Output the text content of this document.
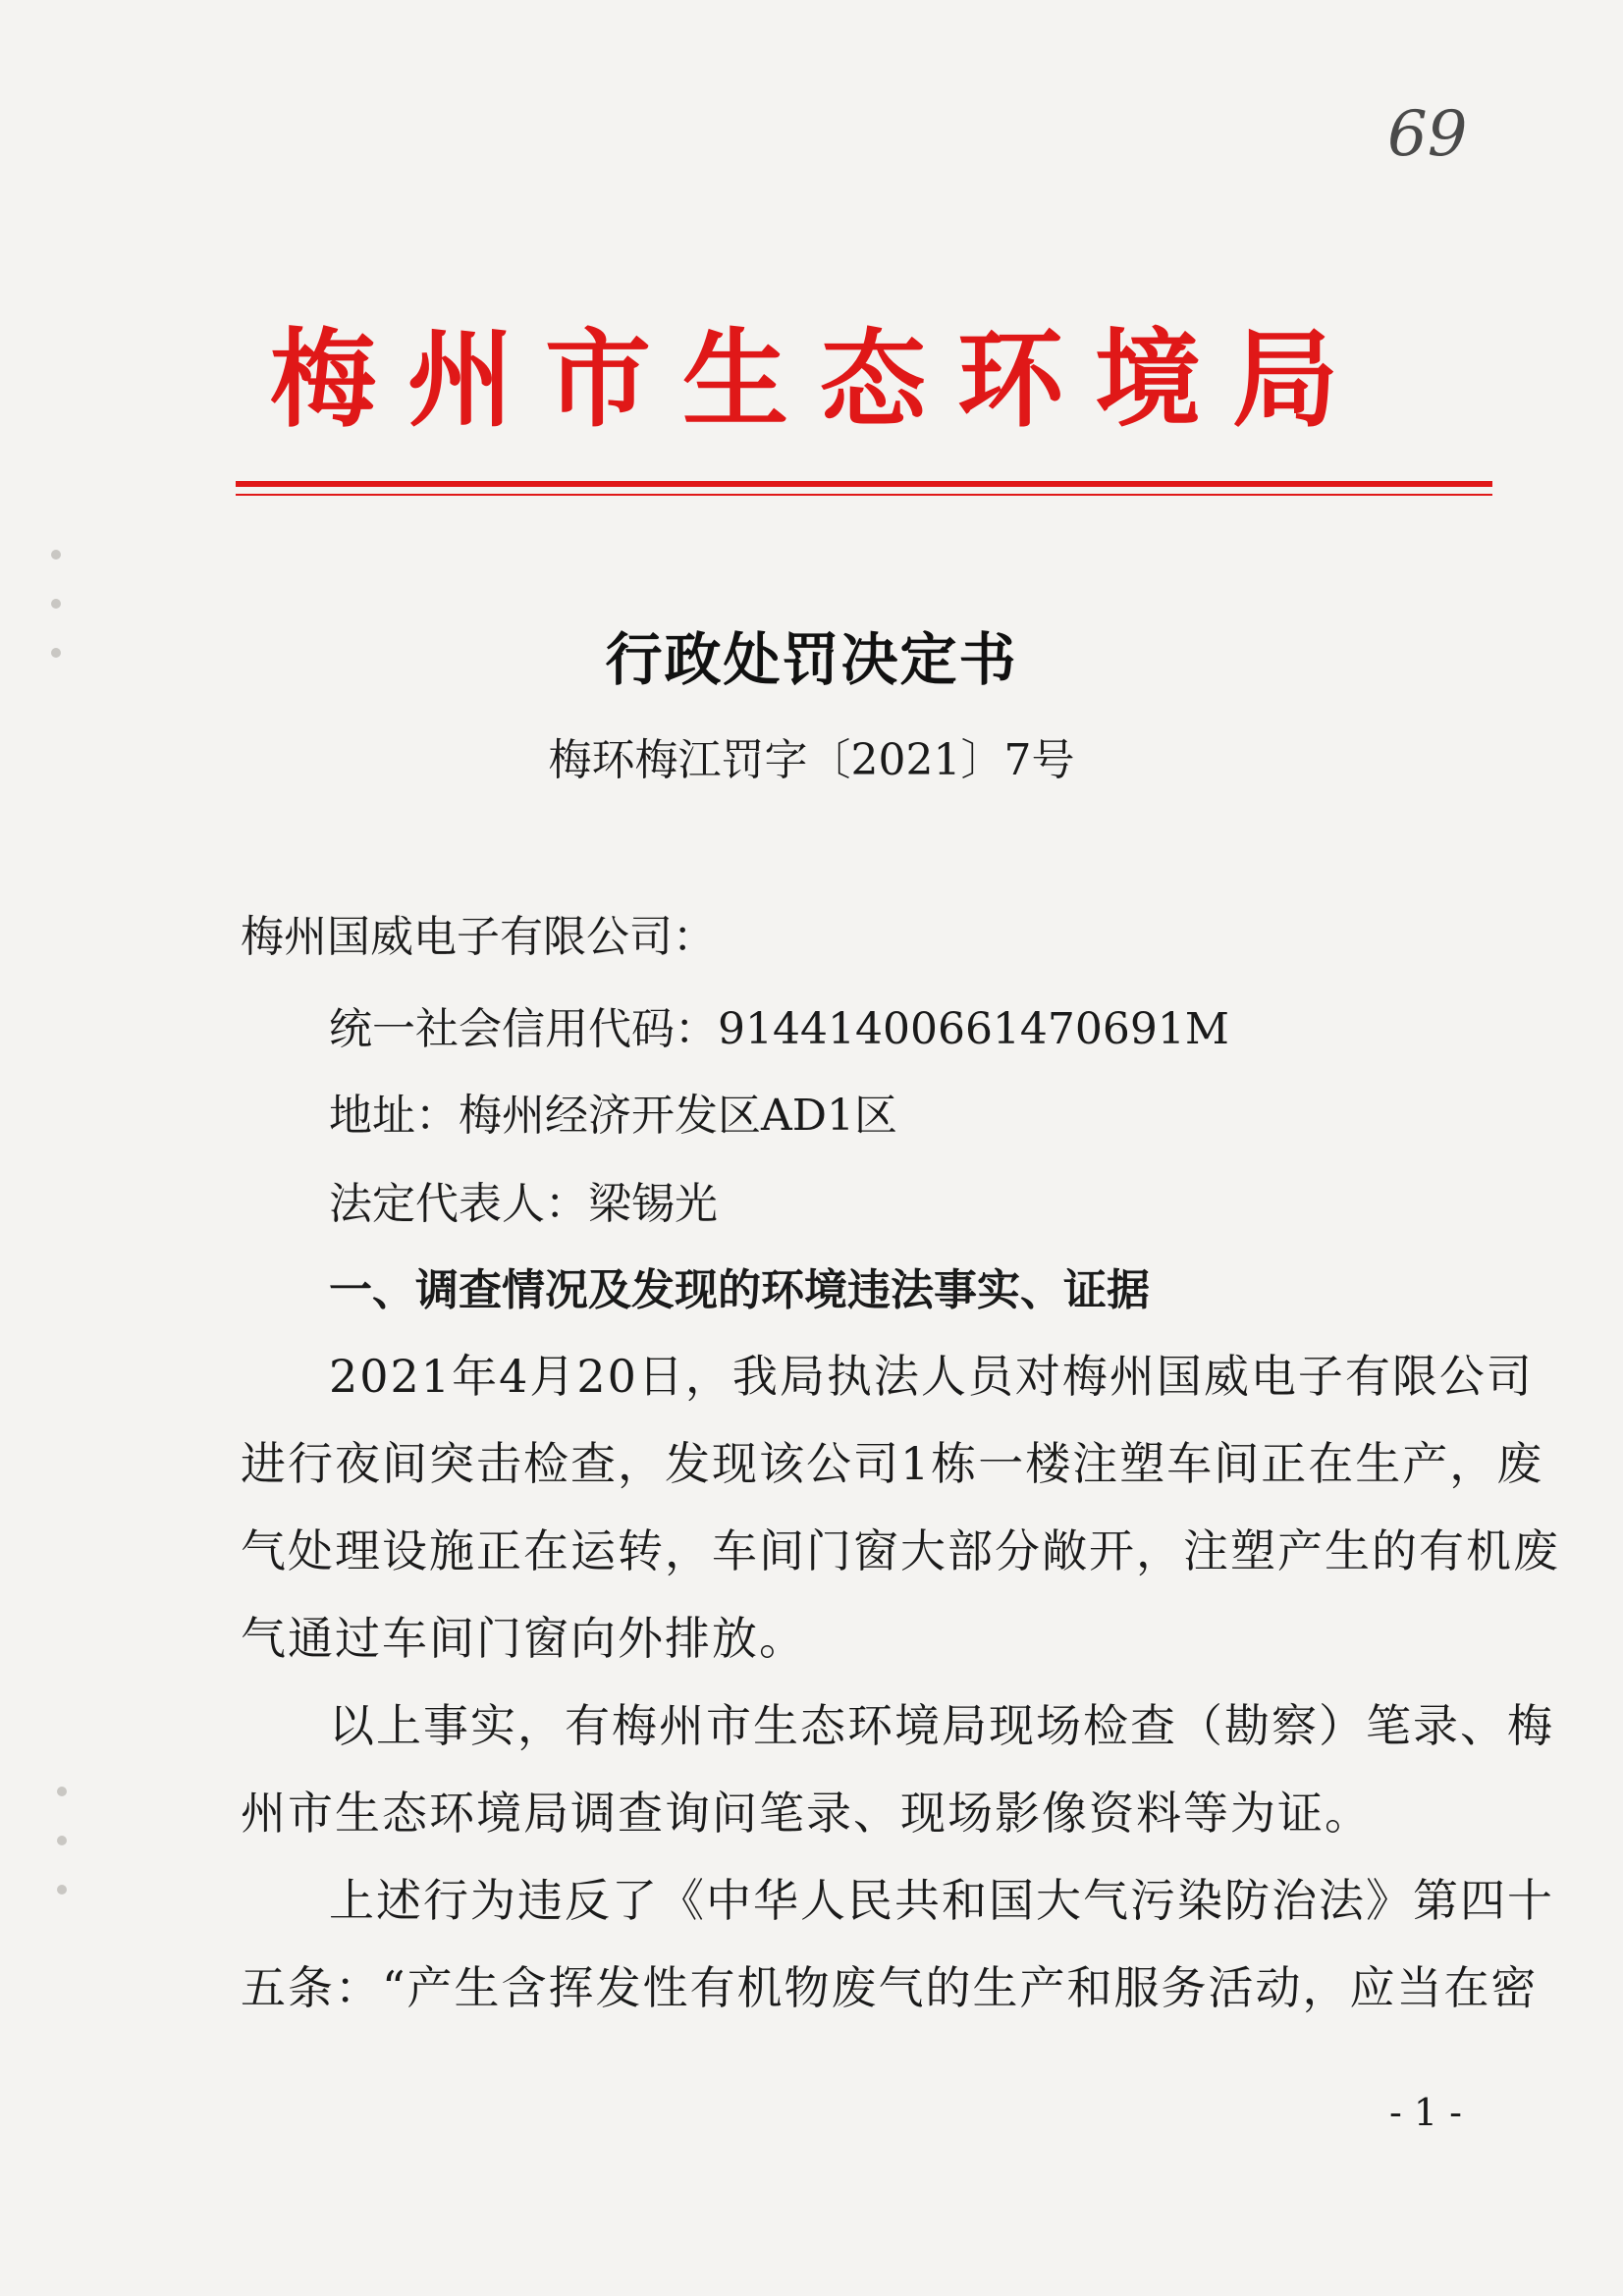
69
梅州市生态环境局
行政处罚决定书
梅环梅江罚字〔2021〕7号
梅州国威电子有限公司：
统一社会信用代码：91441400661470691M
地址：梅州经济开发区AD1区
法定代表人：梁锡光
一、调查情况及发现的环境违法事实、证据
2021年4月20日，我局执法人员对梅州国威电子有限公司
进行夜间突击检查，发现该公司1栋一楼注塑车间正在生产，废
气处理设施正在运转，车间门窗大部分敞开，注塑产生的有机废
气通过车间门窗向外排放。
以上事实，有梅州市生态环境局现场检查（勘察）笔录、梅
州市生态环境局调查询问笔录、现场影像资料等为证。
上述行为违反了《中华人民共和国大气污染防治法》第四十
五条：“产生含挥发性有机物废气的生产和服务活动，应当在密
- 1 -
